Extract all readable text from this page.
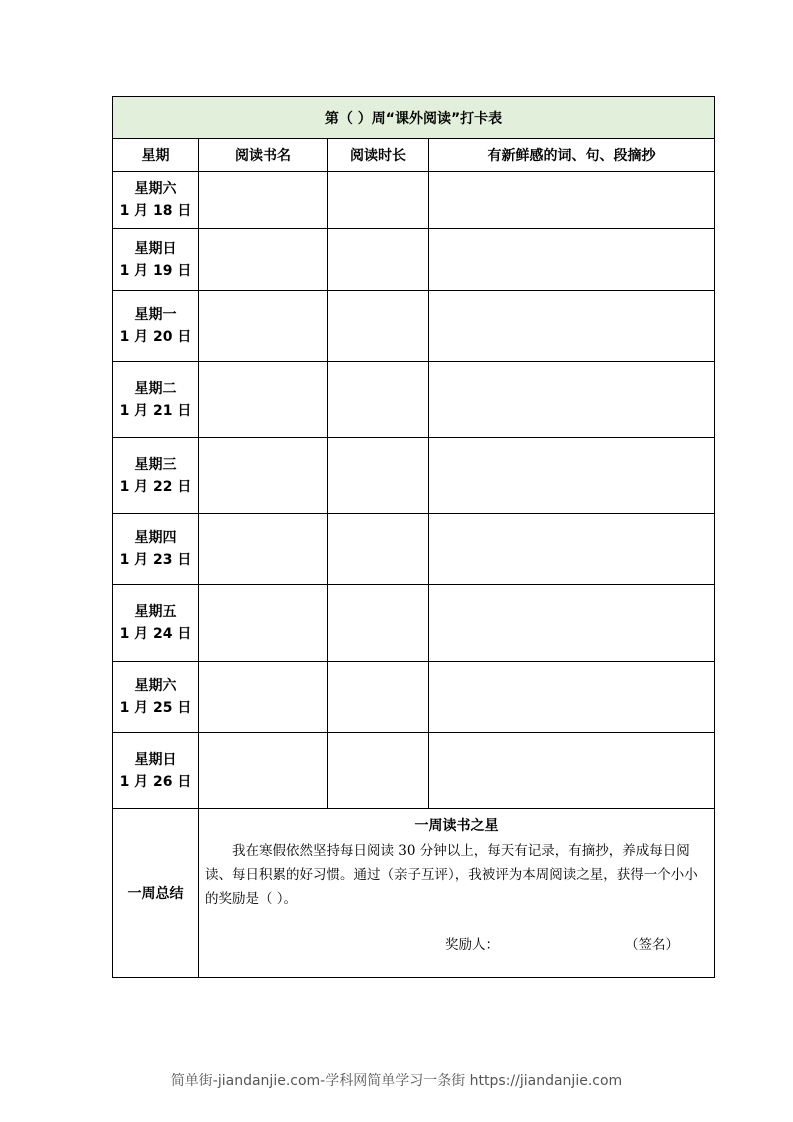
第（ ）周“课外阅读”打卡表			
星期	阅读书名	阅读时长	有新鲜感的词、句、段摘抄

星期六
1 月 18 日			

星期日
1 月 19 日			

星期一
1 月 20 日			

星期二
1 月 21 日			

星期三
1 月 22 日			

星期四
1 月 23 日			

星期五
1 月 24 日			

星期六
1 月 25 日			

星期日
1 月 26 日			

一周总结	一周读书之星

我在寒假依然坚持每日阅读 30 分钟以上，每天有记录，有摘抄，养成每日阅读、每日积累的好习惯。通过（亲子互评），我被评为本周阅读之星，获得一个小小的奖励是（ ）。

奖励人： （签名）		
简单街-jiandanjie.com-学科网简单学习一条街 https://jiandanjie.com
